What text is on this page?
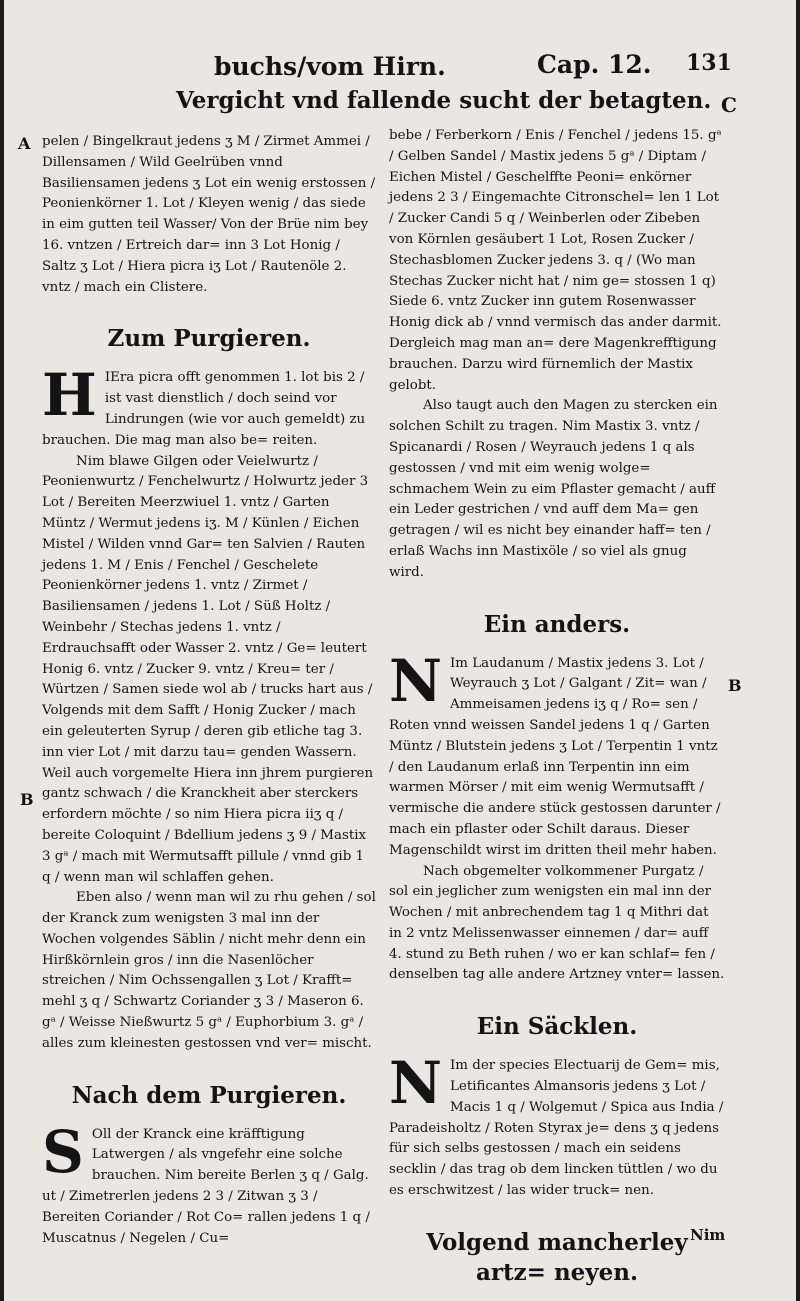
buchs/vom Hirn.	Cap. 12. 131
Vergicht vnd fallende sucht der betagten. C
A
B
B

pelen / Bingelkraut jedens ʒ M / Zirmet Ammei / Dillensamen / Wild Geelrüben vnnd Basiliensamen jedens ʒ Lot ein wenig erstossen / Peonienkörner 1. Lot / Kleyen wenig / das siede in eim gutten teil Wasser/ Von der Brüe nim bey 16. vntzen / Ertreich dar= inn 3 Lot Honig / Saltz ʒ Lot / Hiera picra iʒ Lot / Rautenöle 2. vntz / mach ein Clistere.

Zum Purgieren.

H IEra picra offt genommen 1. lot bis 2 / ist vast dienstlich / doch seind vor Lindrungen (wie vor auch gemeldt) zu brauchen. Die mag man also be= reiten.

Nim blawe Gilgen oder Veielwurtz / Peonienwurtz / Fenchelwurtz / Holwurtz jeder 3 Lot / Bereiten Meerzwiuel 1. vntz / Garten Müntz / Wermut jedens iʒ. M / Künlen / Eichen Mistel / Wilden vnnd Gar= ten Salvien / Rauten jedens 1. M / Enis / Fenchel / Geschelete Peonienkörner jedens 1. vntz / Zirmet / Basiliensamen / jedens 1. Lot / Süß Holtz / Weinbehr / Stechas jedens 1. vntz / Erdrauchsafft oder Wasser 2. vntz / Ge= leutert Honig 6. vntz / Zucker 9. vntz / Kreu= ter / Würtzen / Samen siede wol ab / trucks hart aus / Volgends mit dem Safft / Honig Zucker / mach ein geleuterten Syrup / deren gib etliche tag 3. inn vier Lot / mit darzu tau= genden Wassern. Weil auch vorgemelte Hiera inn jhrem purgieren gantz schwach / die Kranckheit aber sterckers erfordern möchte / so nim Hiera picra iiʒ q / bereite Coloquint / Bdellium jedens ʒ 9 / Mastix 3 gᵃ / mach mit Wermutsafft pillule / vnnd gib 1 q / wenn man wil schlaffen gehen.

Eben also / wenn man wil zu rhu gehen / sol der Kranck zum wenigsten 3 mal inn der Wochen volgendes Säblin / nicht mehr denn ein Hirßkörnlein gros / inn die Nasenlöcher streichen / Nim Ochssengallen ʒ Lot / Krafft= mehl ʒ q / Schwartz Coriander ʒ 3 / Maseron 6. gᵃ / Weisse Nießwurtz 5 gᵃ / Euphorbium 3. gᵃ / alles zum kleinesten gestossen vnd ver= mischt.

Nach dem Purgieren.

S Oll der Kranck eine kräfftigung Latwergen / als vngefehr eine solche brauchen. Nim bereite Berlen ʒ q / Galg. ut / Zimetrerlen jedens 2 3 / Zitwan ʒ 3 / Bereiten Coriander / Rot Co= rallen jedens 1 q / Muscatnus / Negelen / Cu=

bebe / Ferberkorn / Enis / Fenchel / jedens 15. gᵃ / Gelben Sandel / Mastix jedens 5 gᵃ / Diptam / Eichen Mistel / Geschelffte Peoni= enkörner jedens 2 3 / Eingemachte Citronschel= len 1 Lot / Zucker Candi 5 q / Weinberlen oder Zibeben von Körnlen gesäubert 1 Lot, Rosen Zucker / Stechasblomen Zucker jedens 3. q / (Wo man Stechas Zucker nicht hat / nim ge= stossen 1 q) Siede 6. vntz Zucker inn gutem Rosenwasser Honig dick ab / vnnd vermisch das ander darmit. Dergleich mag man an= dere Magenkrefftigung brauchen. Darzu wird fürnemlich der Mastix gelobt.

Also taugt auch den Magen zu stercken ein solchen Schilt zu tragen. Nim Mastix 3. vntz / Spicanardi / Rosen / Weyrauch jedens 1 q als gestossen / vnd mit eim wenig wolge= schmachem Wein zu eim Pflaster gemacht / auff ein Leder gestrichen / vnd auff dem Ma= gen getragen / wil es nicht bey einander haff= ten / erlaß Wachs inn Mastixöle / so viel als gnug wird.

Ein anders.

N Im Laudanum / Mastix jedens 3. Lot / Weyrauch ʒ Lot / Galgant / Zit= wan / Ammeisamen jedens iʒ q / Ro= sen / Roten vnnd weissen Sandel jedens 1 q / Garten Müntz / Blutstein jedens ʒ Lot / Terpentin 1 vntz / den Laudanum erlaß inn Terpentin inn eim warmen Mörser / mit eim wenig Wermutsafft / vermische die andere stück gestossen darunter / mach ein pflaster oder Schilt daraus. Dieser Magenschildt wirst im dritten theil mehr haben.

Nach obgemelter volkommener Purgatz / sol ein jeglicher zum wenigsten ein mal inn der Wochen / mit anbrechendem tag 1 q Mithri dat in 2 vntz Melissenwasser einnemen / dar= auff 4. stund zu Beth ruhen / wo er kan schlaf= fen / denselben tag alle andere Artzney vnter= lassen.

Ein Säcklen.

N Im der species Electuarij de Gem= mis, Letificantes Almansoris jedens ʒ Lot / Macis 1 q / Wolgemut / Spica aus India / Paradeisholtz / Roten Styrax je= dens ʒ q jedens für sich selbs gestossen / mach ein seidens secklin / das trag ob dem lincken tüttlen / wo du es erschwitzest / las wider truck= nen.

Volgend mancherley artz= neyen.
Nim
